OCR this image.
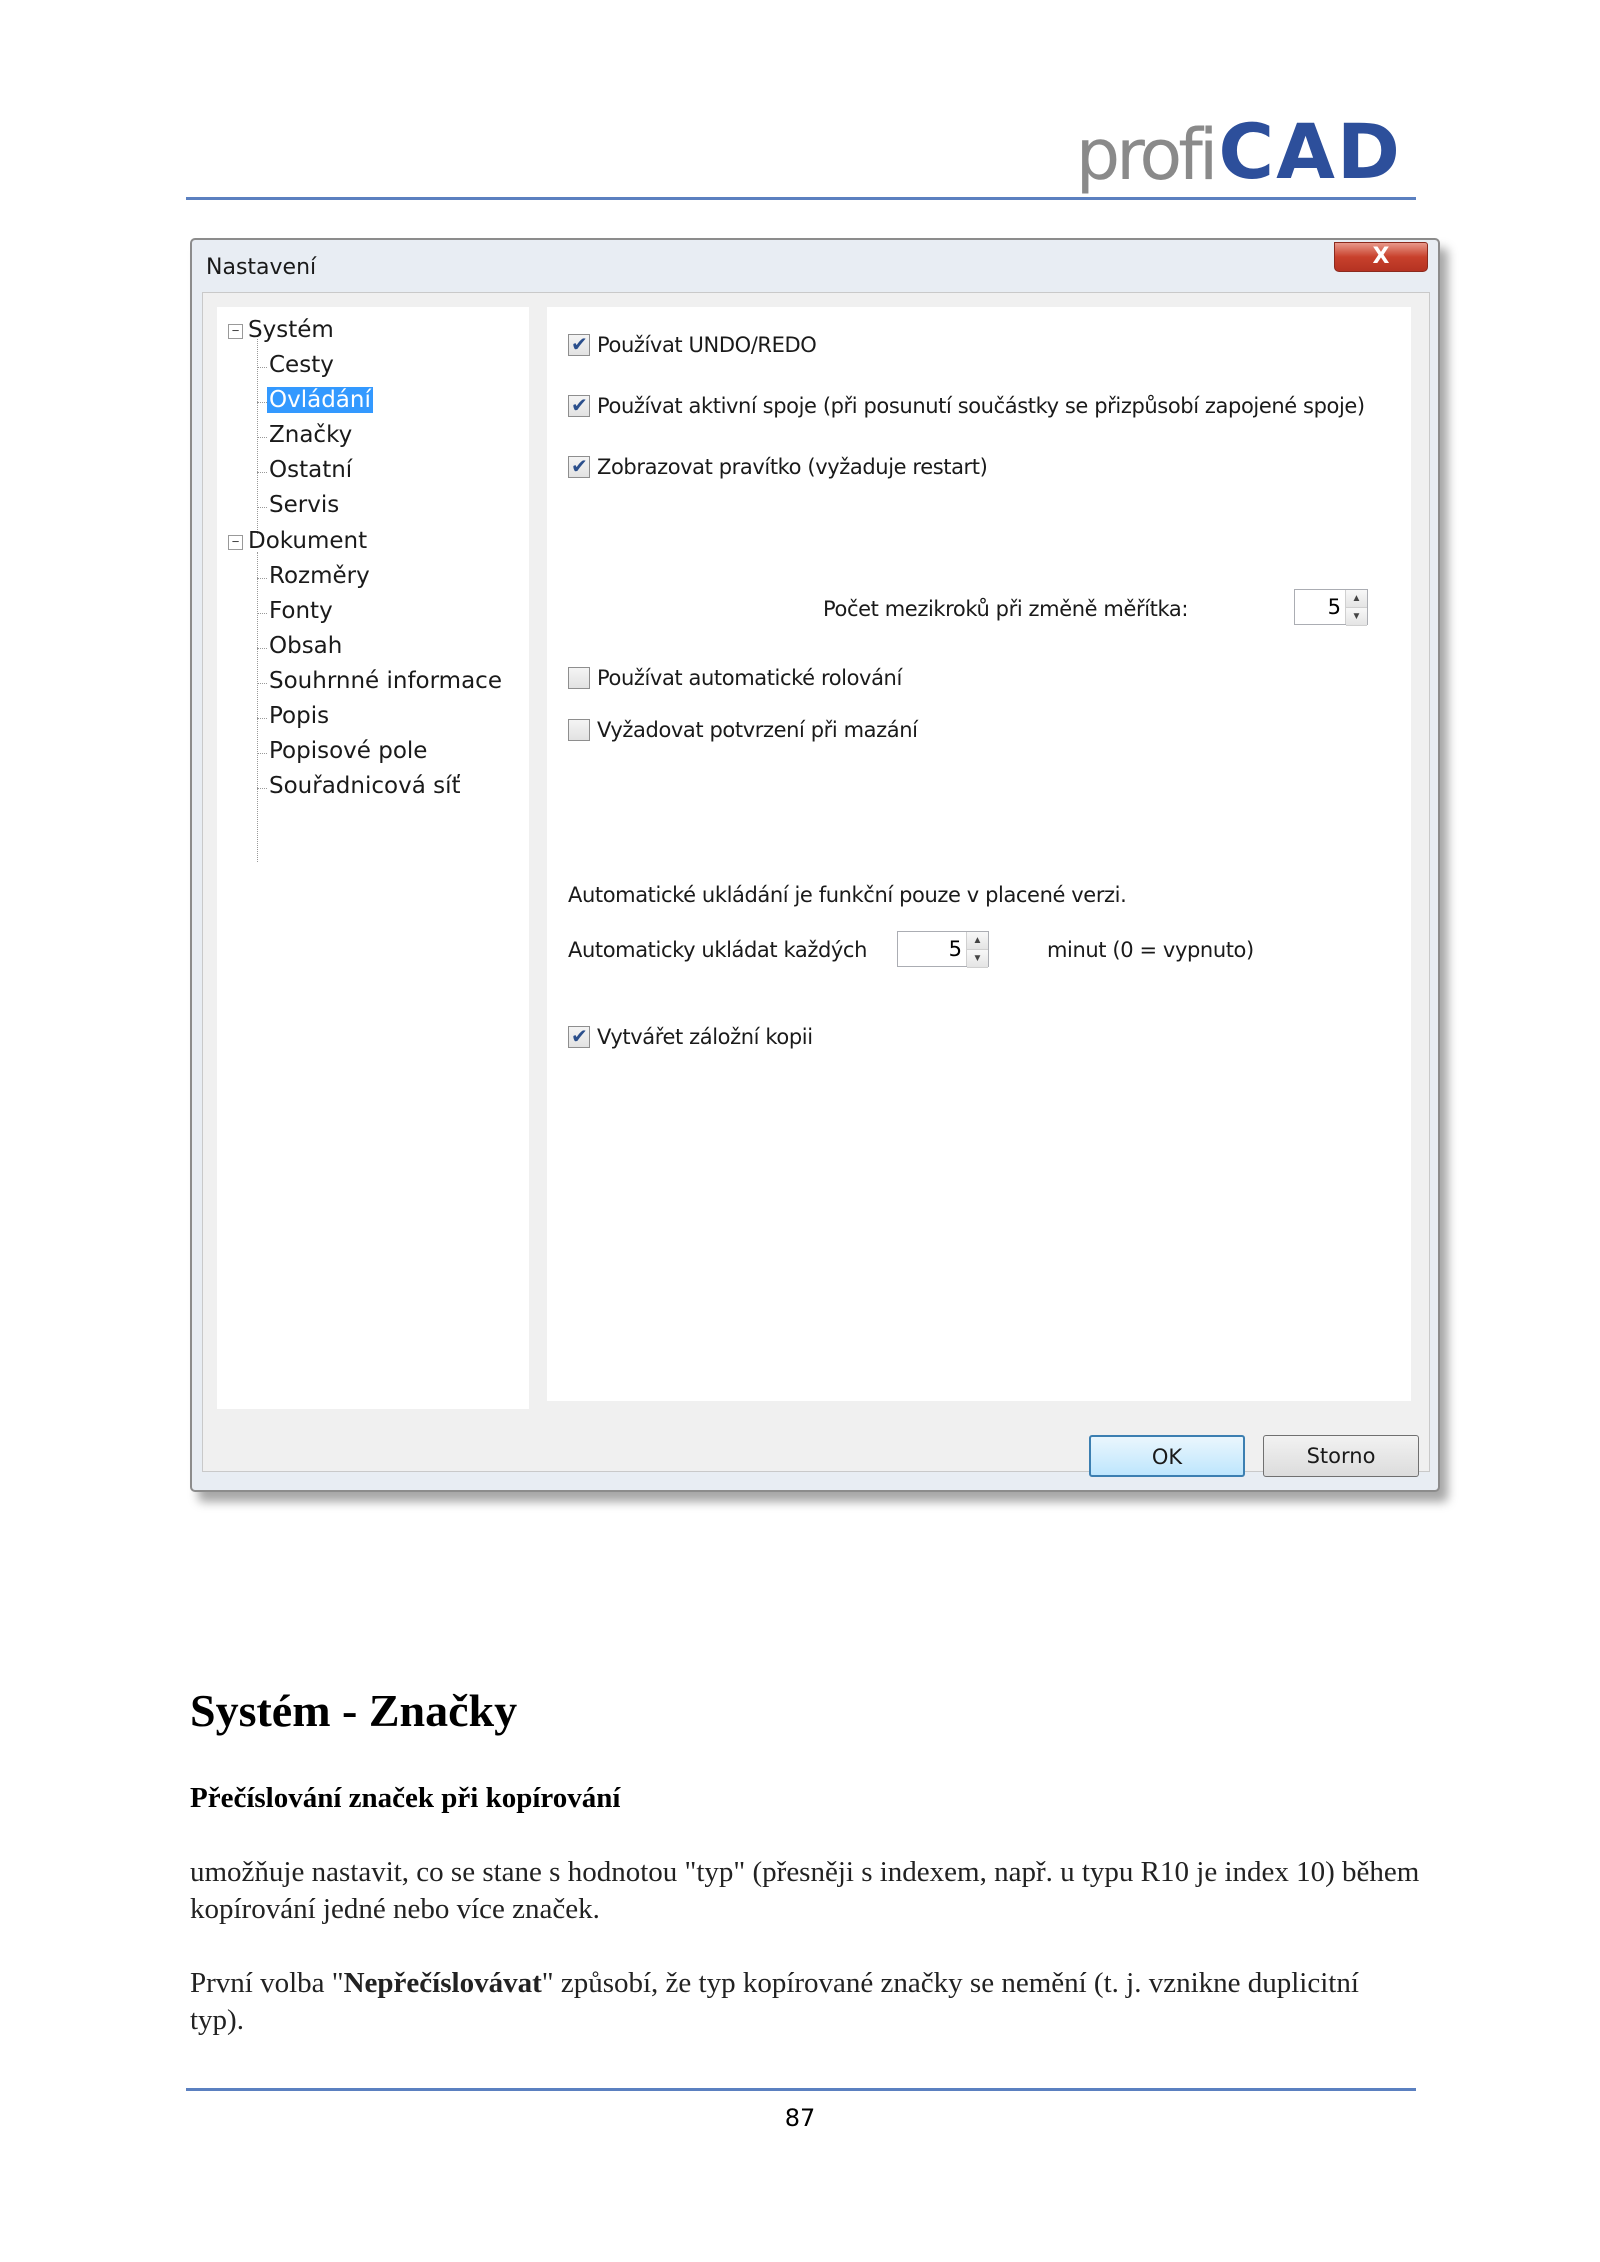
profi CAD
Nastavení	X
− Systém
Cesty
Ovládání
Značky
Ostatní
Servis
− Dokument
Rozměry
Fonty
Obsah
Souhrnné informace
Popis
Popisové pole
Souřadnicová síť
✔
Používat UNDO/REDO
✔
Používat aktivní spoje (při posunutí součástky se přizpůsobí zapojené spoje)
✔
Zobrazovat pravítko (vyžaduje restart)
Počet mezikroků při změně měřítka:	5	▲
▼
Používat automatické rolování
Vyžadovat potvrzení při mazání
Automatické ukládání je funkční pouze v placené verzi.
Automaticky ukládat každých	5	▲
▼	minut (0 = vypnuto)
✔
Vytvářet záložní kopii
OK	Storno
Systém - Značky
Přečíslování značek při kopírování

umožňuje nastavit, co se stane s hodnotou "typ" (přesněji s indexem, např. u typu R10 je index 10) během kopírování jedné nebo více značek.

První volba "Nepřečíslovávat" způsobí, že typ kopírované značky se nemění (t. j. vznikne duplicitní typ).

87
